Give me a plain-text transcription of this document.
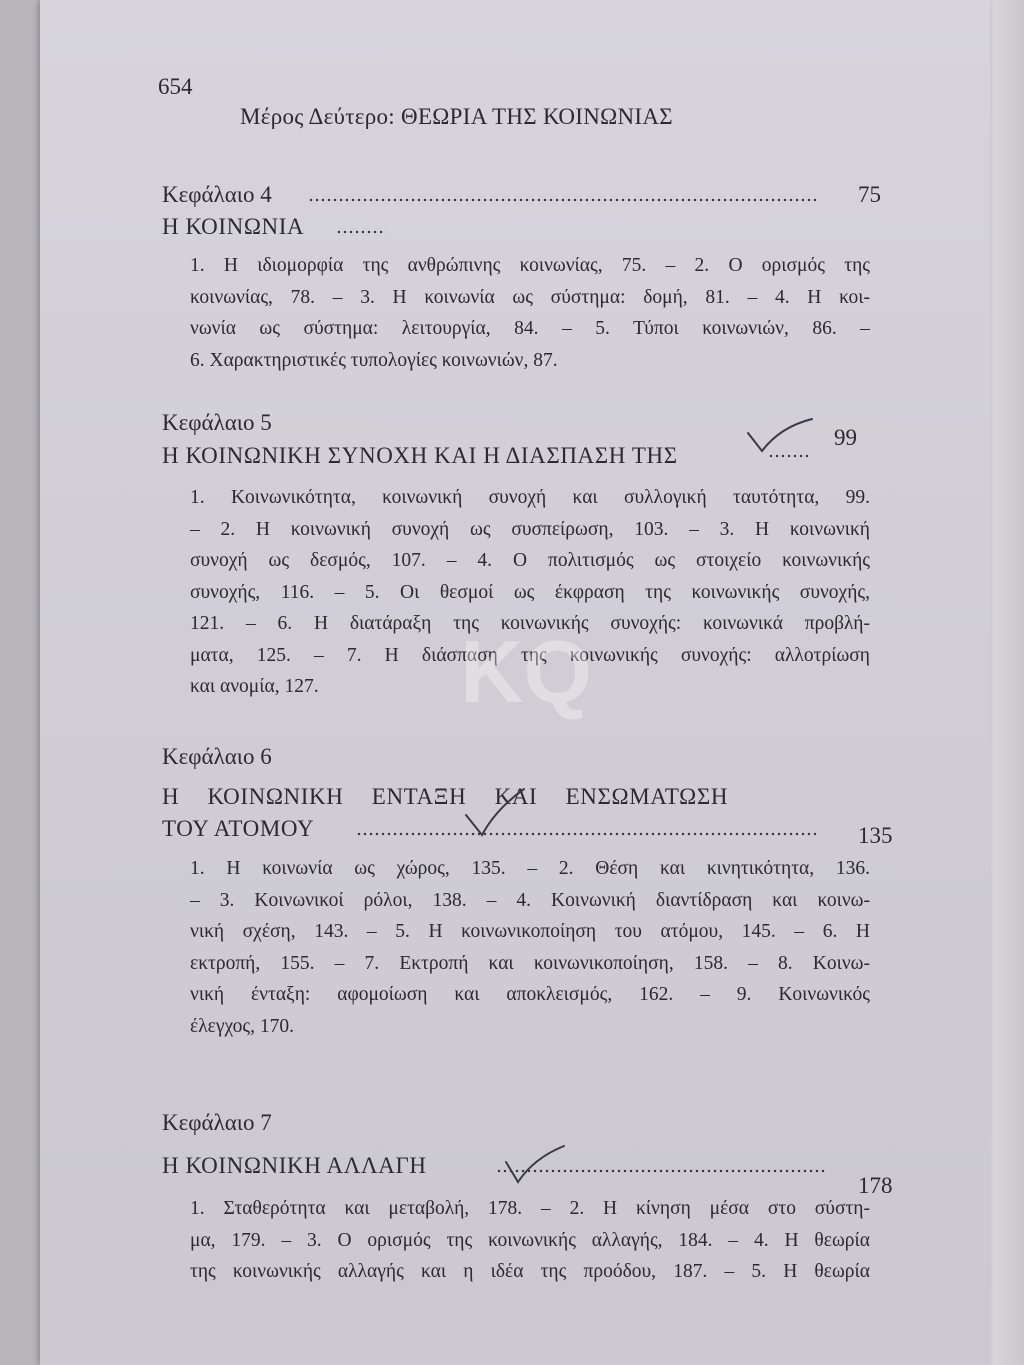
654
Μέρος Δεύτερο: ΘΕΩΡΙΑ ΤΗΣ ΚΟΙΝΩΝΙΑΣ
Κεφάλαιο 4	75
Η ΚΟΙΝΩΝΙΑ
1. Η ιδιομορφία της ανθρώπινης κοινωνίας, 75. – 2. Ο ορισμός της
κοινωνίας, 78. – 3. Η κοινωνία ως σύστημα: δομή, 81. – 4. Η κοι-
νωνία ως σύστημα: λειτουργία, 84. – 5. Τύποι κοινωνιών, 86. –
6. Χαρακτηριστικές τυπολογίες κοινωνιών, 87.
Κεφάλαιο 5
Η ΚΟΙΝΩΝΙΚΗ ΣΥΝΟΧΗ ΚΑΙ Η ΔΙΑΣΠΑΣΗ ΤΗΣ
99
1. Κοινωνικότητα, κοινωνική συνοχή και συλλογική ταυτότητα, 99.
– 2. Η κοινωνική συνοχή ως συσπείρωση, 103. – 3. Η κοινωνική
συνοχή ως δεσμός, 107. – 4. Ο πολιτισμός ως στοιχείο κοινωνικής
συνοχής, 116. – 5. Οι θεσμοί ως έκφραση της κοινωνικής συνοχής,
121. – 6. Η διατάραξη της κοινωνικής συνοχής: κοινωνικά προβλή-
ματα, 125. – 7. Η διάσπαση της κοινωνικής συνοχής: αλλοτρίωση
και ανομία, 127.
Κεφάλαιο 6
Η ΚΟΙΝΩΝΙΚΗ ΕΝΤΑΞΗ ΚΑΙ ΕΝΣΩΜΑΤΩΣΗ
ΤΟΥ ΑΤΟΜΟΥ	135
1. Η κοινωνία ως χώρος, 135. – 2. Θέση και κινητικότητα, 136.
– 3. Κοινωνικοί ρόλοι, 138. – 4. Κοινωνική διαντίδραση και κοινω-
νική σχέση, 143. – 5. Η κοινωνικοποίηση του ατόμου, 145. – 6. Η
εκτροπή, 155. – 7. Εκτροπή και κοινωνικοποίηση, 158. – 8. Κοινω-
νική ένταξη: αφομοίωση και αποκλεισμός, 162. – 9. Κοινωνικός
έλεγχος, 170.
Κεφάλαιο 7
Η ΚΟΙΝΩΝΙΚΗ ΑΛΛΑΓΗ
178
1. Σταθερότητα και μεταβολή, 178. – 2. Η κίνηση μέσα στο σύστη-
μα, 179. – 3. Ο ορισμός της κοινωνικής αλλαγής, 184. – 4. Η θεωρία
της κοινωνικής αλλαγής και η ιδέα της προόδου, 187. – 5. Η θεωρία
KQ
